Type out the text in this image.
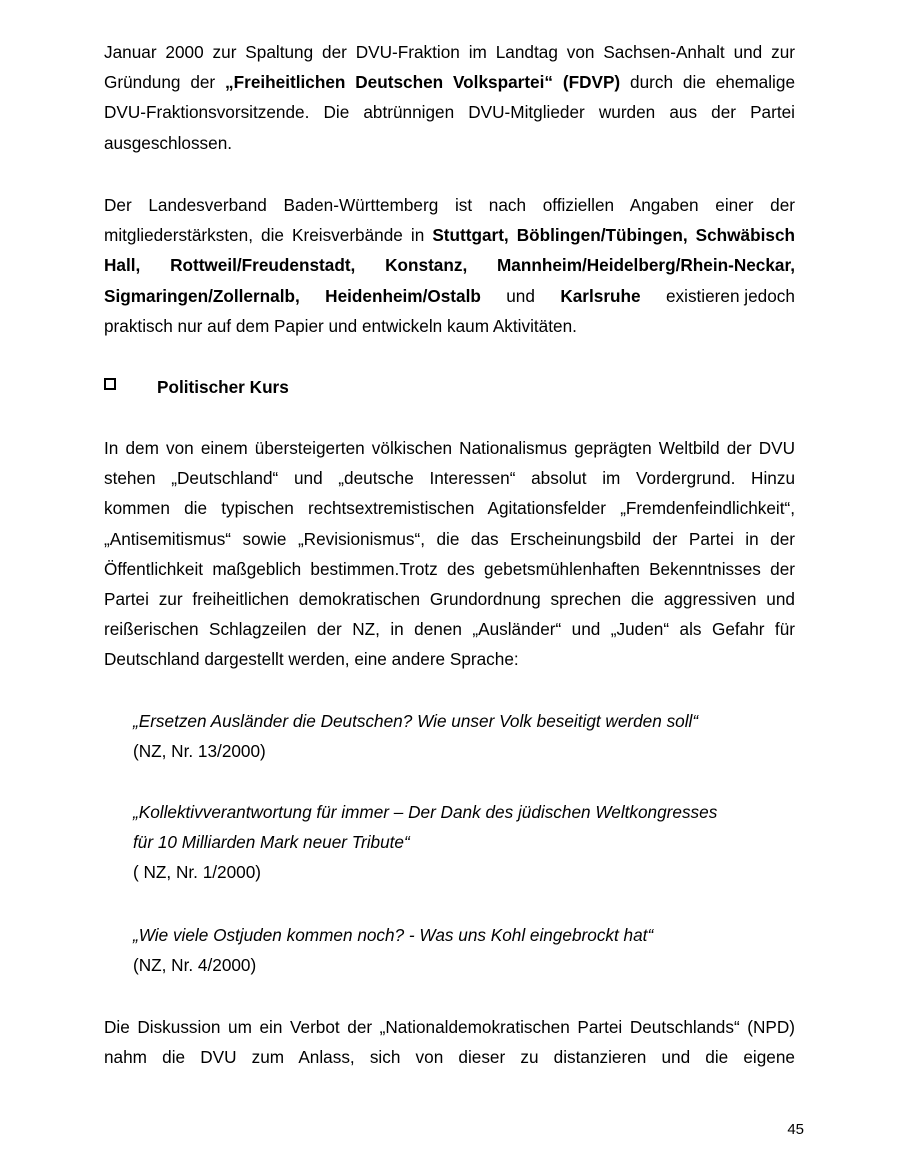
Januar 2000 zur Spaltung der DVU-Fraktion im Landtag von Sachsen-Anhalt und zur
Gründung der „Freiheitlichen Deutschen Volkspartei“ (FDVP) durch die ehemalige
DVU-Fraktionsvorsitzende. Die abtrünnigen DVU-Mitglieder wurden aus der Partei
ausgeschlossen.
Der Landesverband Baden-Württemberg ist nach offiziellen Angaben einer der
mitgliederstärksten, die Kreisverbände in Stuttgart, Böblingen/Tübingen, Schwäbisch
Hall, Rottweil/Freudenstadt, Konstanz, Mannheim/Heidelberg/Rhein-Neckar,
Sigmaringen/Zollernalb, Heidenheim/Ostalb und Karlsruhe existieren jedoch
praktisch nur auf dem Papier und entwickeln kaum Aktivitäten.
Politischer Kurs
In dem von einem übersteigerten völkischen Nationalismus geprägten Weltbild der DVU
stehen „Deutschland“ und „deutsche Interessen“ absolut im Vordergrund. Hinzu
kommen die typischen rechtsextremistischen Agitationsfelder „Fremdenfeindlichkeit“,
„Antisemitismus“ sowie „Revisionismus“, die das Erscheinungsbild der Partei in der
Öffentlichkeit maßgeblich bestimmen.Trotz des gebetsmühlenhaften Bekenntnisses der
Partei zur freiheitlichen demokratischen Grundordnung sprechen die aggressiven und
reißerischen Schlagzeilen der NZ, in denen „Ausländer“ und „Juden“ als Gefahr für
Deutschland dargestellt werden, eine andere Sprache:
„Ersetzen Ausländer die Deutschen? Wie unser Volk beseitigt werden soll“
(NZ, Nr. 13/2000)
„Kollektivverantwortung für immer – Der Dank des jüdischen Weltkongresses
für 10 Milliarden Mark neuer Tribute“
( NZ, Nr. 1/2000)
„Wie viele Ostjuden kommen noch? - Was uns Kohl eingebrockt hat“
(NZ, Nr. 4/2000)
Die Diskussion um ein Verbot der „Nationaldemokratischen Partei Deutschlands“ (NPD)
nahm die DVU zum Anlass, sich von dieser zu distanzieren und die eigene
45
